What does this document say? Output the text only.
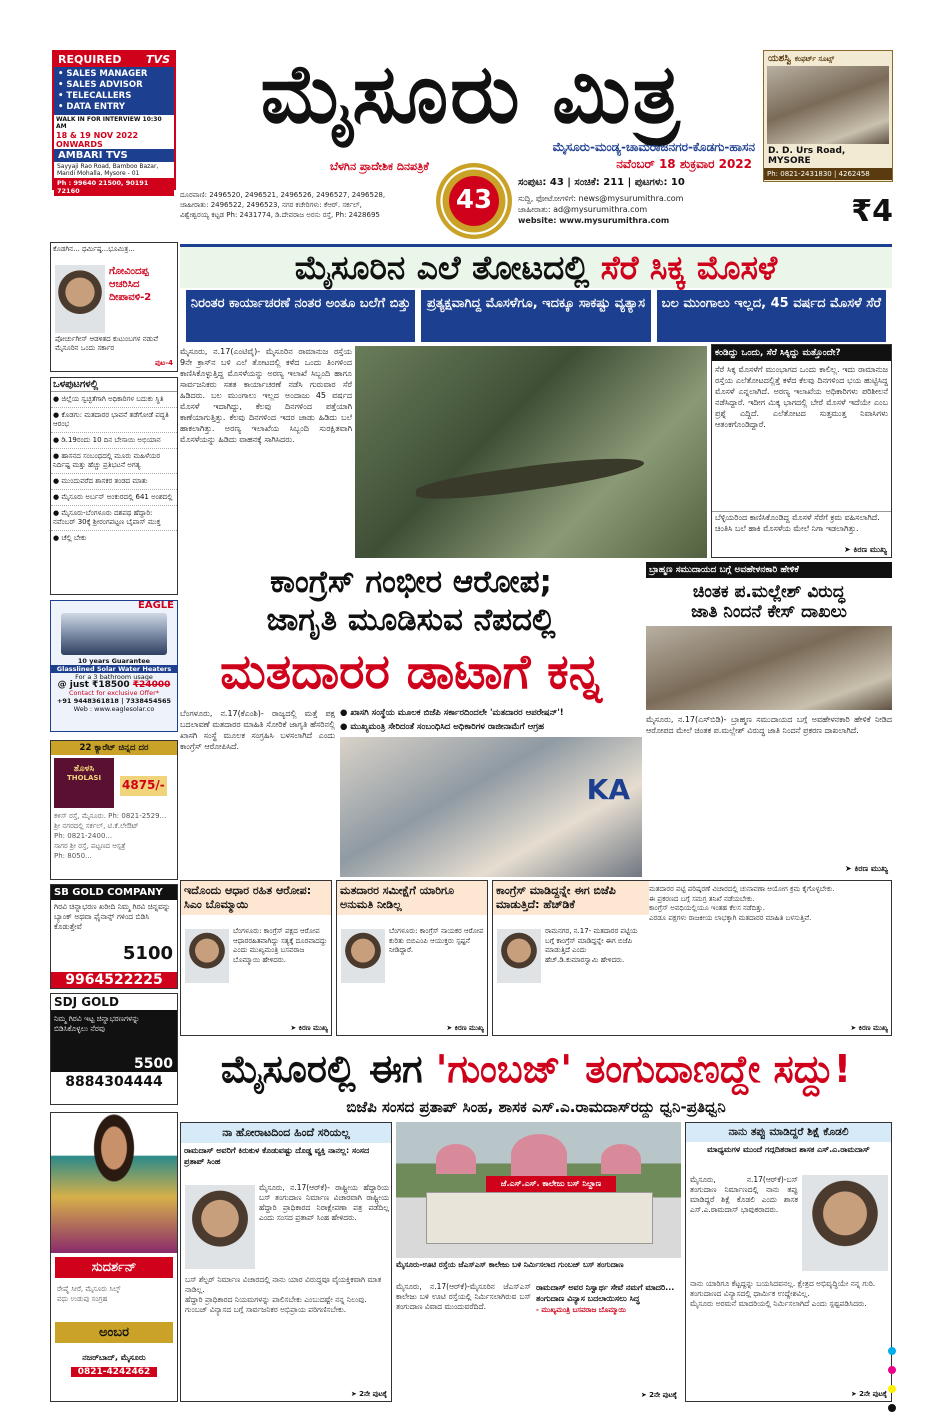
REQUIRED TVS
• SALES MANAGER
• SALES ADVISOR
• TELECALLERS
• DATA ENTRY
WALK IN FOR INTERVIEW 10:30 AM
18 & 19 NOV 2022 ONWARDS
AMBARI TVS
Sayyaji Rao Road, Bamboo Bazar, Mandi Mohalla, Mysore - 01
Ph : 99640 21500, 90191 72160
ಮೈಸೂರು ಮಿತ್ರ
ಮೈಸೂರು-ಮಂಡ್ಯ-ಚಾಮರಾಜನಗರ-ಕೊಡಗು-ಹಾಸನ
ಬೆಳಗಿನ ಪ್ರಾದೇಶಿಕ ದಿನಪತ್ರಿಕೆ	ನವೆಂಬರ್ 18 ಶುಕ್ರವಾರ 2022
43
ದೂರವಾಣಿ: 2496520, 2496521, 2496526, 2496527, 2496528,
ಜಾಹೀರಾತು: 2496522, 2496523, ನಗರ ಕಚೇರಿಗಳು: ಕೆಆರ್. ಸರ್ಕಲ್,
ವಿಶ್ವೇಶ್ವರಯ್ಯ ಕಟ್ಟಡ Ph: 2431774, ಡಿ.ದೇವರಾಜ ಅರಸು ರಸ್ತೆ, Ph: 2428695
ಸಂಪುಟ: 43 | ಸಂಚಿಕೆ: 211 | ಪುಟಗಳು: 10
ಸುದ್ದಿ, ಫೋಟೋಗಳಿಗೆ: news@mysurumithra.com
ಜಾಹೀರಾತು: ad@mysurumithra.com
website: www.mysurumithra.com	₹4
ಯಶಸ್ವಿ ಕಂಫರ್ಟ್ ಸೂಟ್ಸ್
D. D. Urs Road, MYSORE
Ph: 0821-2431830 | 4262458
ಕೊಡಗಿನ... ಧರ್ಮಿಷ್ಠ...ಭೂಮಿತ್ರ...
ಗೋವಿಂದಪ್ಪ ಆಚರಿಸಿದ ದೀಪಾವಳಿ-2
ಪೋರ್ಚುಗೀಸ್ ಆಡಳಿತದ ಕುಟುಂಬಗಳ ನಡುವೆ ಮೈಸೂರಿನ ಒಂದು ಸರ್ಕಾರ
ಪುಟ-4
ಒಳಪುಟಗಳಲ್ಲಿ
● ಜಿಲ್ಲೆಯ ಸ್ವಚ್ಛತೆಗಾಗಿ ಅಧಿಕಾರಿಗಳ ಬದುಕು ಸ್ಥಿತಿ
● ಕೊಡಗು: ಮತದಾರರ ಭಾವನೆ ತಡೆಗೋಡೆ ಪದ್ಧತಿ ಆರಂಭ
● ಡಿ.19ರಂದು 10 ದಿನ ಬೇಸಾಯಿ ಅಭಿಯಾನ
● ಹಾಸನದ ಸಂಬಂಧದಲ್ಲಿ ಮೂರು ಮಹಿಳೆಯರ ನಿರ್ದಿಷ್ಟ ಮತ್ತು ಹೆಚ್ಚು ಪ್ರತಿಭಟನೆ ಅಗತ್ಯ
● ಮುಂದುವರೆದ ಶಾಸಕರ ತಂಡದ ಮಾತು
● ಮೈಸೂರು ಅರ್ಬನ್ ಅಂಕುರದಲ್ಲಿ 641 ಅಂಶದಲ್ಲಿ
● ಮೈಸೂರು-ಬೆಂಗಳೂರು ದಶಪಥ ಹೆದ್ದಾರಿ: ನವೆಂಬರ್ 30ಕ್ಕೆ ಶ್ರೀರಂಗಪಟ್ಟಣ ಬೈಪಾಸ್ ಮುಕ್ತ
● ಚೆಲ್ಲಿ ಬೇಕು
EAGLE
10 years Guarantee
Glasslined Solar Water Heaters
For a 3 bathroom usage
@ just ₹18500 ₹24000
Contact for exclusive Offer*
+91 9448361818 | 7338454565
Web : www.eaglesolar.co
22 ಕ್ಯಾರೆಟ್ ಚಿನ್ನದ ದರ
ತೊಳಸಿ
THOLASI	4875/-
ಕಳಿಸ್ ರಸ್ತೆ, ಮೈಸೂರು. Ph: 0821-2529...
ಶ್ರೀ ನಗರದಲ್ಲಿ ಸರ್ಕಲ್, ಟಿ.ಕೆ.ಲೇಔಟ್
Ph: 0821-2400...
ಸಾಗರ ಶ್ರೀ ರಸ್ತೆ, ಪಟ್ಟಣದ ಆಸ್ಪತ್ರೆ
Ph: 8050...
SB GOLD COMPANY
ಗಿರವಿ ಚಿನ್ನಾಭರಣ ಖರೀದಿ ನಿಮ್ಮ ಗಿರವಿ ಚಿನ್ನವನ್ನು ಬ್ಯಾಂಕ್ ಅಥವಾ ಫೈನಾನ್ಸ್ ಗಳಿಂದ ಬಿಡಿಸಿ ಕೊಡುತ್ತೇವೆ
5100
9964522225
SDJ GOLD
ನಿಮ್ಮ ಗಿರವಿ ಇಟ್ಟ ಚಿನ್ನಾಭರಣಗಳನ್ನು ಬಿಡಿಸಿಕೊಳ್ಳಲು ನೆರವು
5500
8884304444
ಸುದರ್ಶನ್
ರೇಷ್ಮೆ ಸೀರೆ, ಮೈಸೂರು ಸಿಲ್ಕ್
ವಧು ಉಡುಪು ಸಂಗ್ರಹ
ಅಂಬರ
ನಜರ್‌ಬಾದ್, ಮೈಸೂರು
0821-4242462
ಮೈಸೂರಿನ ಎಲೆ ತೋಟದಲ್ಲಿ ಸೆರೆ ಸಿಕ್ಕ ಮೊಸಳೆ
ನಿರಂತರ ಕಾರ್ಯಾಚರಣೆ ನಂತರ ಅಂತೂ ಬಲೆಗೆ ಬಿತ್ತು	ಪ್ರತ್ಯಕ್ಷವಾಗಿದ್ದ ಮೊಸಳೆಗೂ, ಇದಕ್ಕೂ ಸಾಕಷ್ಟು ವ್ಯತ್ಯಾಸ	ಬಲ ಮುಂಗಾಲು ಇಲ್ಲದ, 45 ವರ್ಷದ ಮೊಸಳೆ ಸೆರೆ
ಮೈಸೂರು, ನ.17(ಎಂಟಿವೈ)- ಮೈಸೂರಿನ ರಾಮಾನುಜ ರಸ್ತೆಯ 9ನೇ ಕ್ರಾಸ್‌ನ ಬಳಿ ಎಲೆ ತೋಟದಲ್ಲಿ ಕಳೆದ ಒಂದು ತಿಂಗಳಿಂದ ಕಾಣಿಸಿಕೊಳ್ಳುತ್ತಿದ್ದ ಮೊಸಳೆಯನ್ನು ಅರಣ್ಯ ಇಲಾಖೆ ಸಿಬ್ಬಂದಿ ಹಾಗೂ ಸಾರ್ವಜನಿಕರು ಸತತ ಕಾರ್ಯಾಚರಣೆ ನಡೆಸಿ ಗುರುವಾರ ಸೆರೆ ಹಿಡಿದರು. ಬಲ ಮುಂಗಾಲು ಇಲ್ಲದ ಅಂದಾಜು 45 ವರ್ಷದ ಮೊಸಳೆ ಇದಾಗಿದ್ದು, ಕೆಲವು ದಿನಗಳಿಂದ ಪತ್ತೆಯಾಗಿ ಕಾಣೆಯಾಗುತ್ತಿತ್ತು. ಕೆಲವು ದಿನಗಳಿಂದ ಇದರ ಜಾಡು ಹಿಡಿದು ಬಲೆ ಹಾಕಲಾಗಿತ್ತು. ಅರಣ್ಯ ಇಲಾಖೆಯ ಸಿಬ್ಬಂದಿ ಸುರಕ್ಷಿತವಾಗಿ ಮೊಸಳೆಯನ್ನು ಹಿಡಿದು ವಾಹನಕ್ಕೆ ಸಾಗಿಸಿದರು.
ಕಂಡಿದ್ದು ಒಂದು, ಸೆರೆ ಸಿಕ್ಕಿದ್ದು ಮತ್ತೊಂದೇ?
ಸೆರೆ ಸಿಕ್ಕ ಮೊಸಳೆಗೆ ಮುಂಭಾಗದ ಒಂದು ಕಾಲಿಲ್ಲ. ಇದು ರಾಮಾನುಜ ರಸ್ತೆಯ ಎಲೆತೋಟದಲ್ಲಿತ್ತೆ ಕಳೆದ ಕೆಲವು ದಿನಗಳಿಂದ ಭಯ ಹುಟ್ಟಿಸಿದ್ದ ಮೊಸಳೆ ಎನ್ನಲಾಗಿದೆ. ಅರಣ್ಯ ಇಲಾಖೆಯ ಅಧಿಕಾರಿಗಳು ಪರಿಶೀಲನೆ ನಡೆಸಿದ್ದಾರೆ. ಇದೀಗ ಮಿಕ್ಕ ಭಾಗದಲ್ಲಿ ಬೇರೆ ಮೊಸಳೆ ಇದೆಯೇ ಎಂಬ ಪ್ರಶ್ನೆ ಎದ್ದಿದೆ. ಎಲೆತೋಟದ ಸುತ್ತಮುತ್ತ ನಿವಾಸಿಗಳು ಆತಂಕಗೊಂಡಿದ್ದಾರೆ.
ಬೆಳ್ಳಿಯರಿಂದ ಕಾಣಿಸಿಕೊಂಡಿದ್ದ ಮೊಸಳೆ ಸೆರೆಗೆ ಕ್ರಮ ವಹಿಸಲಾಗಿದೆ. ಚಿಂತಿಸಿ ಬಲೆ ಹಾಕಿ ಮೊಸಳೆಯ ಮೇಲೆ ನಿಗಾ ಇಡಲಾಗಿತ್ತು.
➤ ಕಿರಣ ಮುಖ್ಯ
ಕಾಂಗ್ರೆಸ್ ಗಂಭೀರ ಆರೋಪ;
ಜಾಗೃತಿ ಮೂಡಿಸುವ ನೆಪದಲ್ಲಿ
ಮತದಾರರ ಡಾಟಾಗೆ ಕನ್ನ
ಬೆಂಗಳೂರು, ನ.17(ಕೆಎಂಶಿ)- ರಾಜ್ಯದಲ್ಲಿ ಮತ್ತೆ ಪಕ್ಷ ಬದಲಾವಣೆ ಮತದಾರರ ಮಾಹಿತಿ ಸೋರಿಕೆ ಜಾಗೃತಿ ಹೆಸರಿನಲ್ಲಿ ಖಾಸಗಿ ಸಂಸ್ಥೆ ಮೂಲಕ ಸಂಗ್ರಹಿಸಿ ಬಳಸಲಾಗಿದೆ ಎಂದು ಕಾಂಗ್ರೆಸ್ ಆರೋಪಿಸಿದೆ.
● ಖಾಸಗಿ ಸಂಸ್ಥೆಯ ಮೂಲಕ ಬಿಜೆಪಿ ಸರ್ಕಾರದಿಂದಲೇ 'ಮತದಾರರ ಆಪರೇಷನ್'!
● ಮುಖ್ಯಮಂತ್ರಿ ಸೇರಿದಂತೆ ಸಂಬಂಧಿಸಿದ ಅಧಿಕಾರಿಗಳ ರಾಜೀನಾಮೆಗೆ ಆಗ್ರಹ
KA
ಬ್ರಾಹ್ಮಣ ಸಮುದಾಯದ ಬಗ್ಗೆ ಅವಹೇಳನಕಾರಿ ಹೇಳಿಕೆ
ಚಿಂತಕ ಪ.ಮಲ್ಲೇಶ್ ವಿರುದ್ಧ
ಜಾತಿ ನಿಂದನೆ ಕೇಸ್ ದಾಖಲು
ಮೈಸೂರು, ನ.17(ಎಸ್‌ಬಿಡಿ)- ಬ್ರಾಹ್ಮಣ ಸಮುದಾಯದ ಬಗ್ಗೆ ಅವಹೇಳನಕಾರಿ ಹೇಳಿಕೆ ನೀಡಿದ ಆರೋಪದ ಮೇಲೆ ಚಿಂತಕ ಪ.ಮಲ್ಲೇಶ್ ವಿರುದ್ಧ ಜಾತಿ ನಿಂದನೆ ಪ್ರಕರಣ ದಾಖಲಾಗಿದೆ.
➤ ಕಿರಣ ಮುಖ್ಯ
ಇದೊಂದು ಆಧಾರ ರಹಿತ ಆರೋಪ: ಸಿಎಂ ಬೊಮ್ಮಾಯಿ
ಬೆಂಗಳೂರು: ಕಾಂಗ್ರೆಸ್ ಪಕ್ಷದ ಆರೋಪ ಆಧಾರರಹಿತವಾಗಿದ್ದು ಸತ್ಯಕ್ಕೆ ದೂರವಾದದ್ದು ಎಂದು ಮುಖ್ಯಮಂತ್ರಿ ಬಸವರಾಜ ಬೊಮ್ಮಾಯಿ ಹೇಳಿದರು.
➤ ಕಿರಣ ಮುಖ್ಯ
ಮತದಾರರ ಸಮೀಕ್ಷೆಗೆ ಯಾರಿಗೂ ಅನುಮತಿ ನೀಡಿಲ್ಲ
ಬೆಂಗಳೂರು: ಕಾಂಗ್ರೆಸ್ ನಾಯಕರ ಆರೋಪ ಕುರಿತು ಬಿಬಿಎಂಪಿ ಆಯುಕ್ತರು ಸ್ಪಷ್ಟನೆ ನೀಡಿದ್ದಾರೆ.
➤ ಕಿರಣ ಮುಖ್ಯ
ಕಾಂಗ್ರೆಸ್ ಮಾಡಿದ್ದನ್ನೇ ಈಗ ಬಿಜೆಪಿ ಮಾಡುತ್ತಿದೆ: ಹೆಚ್‌ಡಿಕೆ
ರಾಮನಗರ, ನ.17- ಮತದಾರರ ಪಟ್ಟಿಯ ಬಗ್ಗೆ ಕಾಂಗ್ರೆಸ್ ಮಾಡಿದ್ದನ್ನೇ ಈಗ ಬಿಜೆಪಿ ಮಾಡುತ್ತಿದೆ ಎಂದು ಹೆಚ್.ಡಿ.ಕುಮಾರಸ್ವಾಮಿ ಹೇಳಿದರು.
ಮತದಾರರ ಪಟ್ಟಿ ಪರಿಷ್ಕರಣೆ ವಿಚಾರದಲ್ಲಿ ಚುನಾವಣಾ ಆಯೋಗ ಕ್ರಮ ಕೈಗೊಳ್ಳಬೇಕು.
ಈ ಪ್ರಕರಣದ ಬಗ್ಗೆ ಸಮಗ್ರ ತನಿಖೆ ನಡೆಯಬೇಕು.
ಕಾಂಗ್ರೆಸ್ ಅವಧಿಯಲ್ಲಿಯೂ ಇಂತಹ ಕೆಲಸ ನಡೆದಿತ್ತು.
ಎರಡೂ ಪಕ್ಷಗಳು ರಾಜಕೀಯ ಲಾಭಕ್ಕಾಗಿ ಮತದಾರರ ಮಾಹಿತಿ ಬಳಸುತ್ತಿವೆ.
➤ ಕಿರಣ ಮುಖ್ಯ
ಮೈಸೂರಲ್ಲಿ ಈಗ 'ಗುಂಬಜ್' ತಂಗುದಾಣದ್ದೇ ಸದ್ದು!
ಬಿಜೆಪಿ ಸಂಸದ ಪ್ರತಾಪ್ ಸಿಂಹ, ಶಾಸಕ ಎಸ್.ಎ.ರಾಮದಾಸ್‌ರದ್ದು ಧ್ವನಿ-ಪ್ರತಿಧ್ವನಿ
ನಾ ಹೋರಾಟದಿಂದ ಹಿಂದೆ ಸರಿಯಲ್ಲ
ರಾಮದಾಸ್ ಅವರಿಗೆ ಕಿರುಕುಳ ಕೊಡುವಷ್ಟು ದೊಡ್ಡ ವ್ಯಕ್ತಿ ನಾನಲ್ಲ: ಸಂಸದ ಪ್ರತಾಪ್ ಸಿಂಹ
ಮೈಸೂರು, ನ.17(ಆರ್‌ಕೆ)- ರಾಷ್ಟ್ರೀಯ ಹೆದ್ದಾರಿಯ ಬಸ್ ತಂಗುದಾಣ ನಿರ್ಮಾಣ ವಿಚಾರವಾಗಿ ರಾಷ್ಟ್ರೀಯ ಹೆದ್ದಾರಿ ಪ್ರಾಧಿಕಾರದ ನಿರಾಕ್ಷೇಪಣಾ ಪತ್ರ ಪಡೆದಿಲ್ಲ ಎಂದು ಸಂಸದ ಪ್ರತಾಪ್ ಸಿಂಹ ಹೇಳಿದರು.
ಬಸ್ ಶೆಲ್ಟರ್ ನಿರ್ಮಾಣ ವಿಚಾರದಲ್ಲಿ ನಾನು ಯಾರ ವಿರುದ್ಧವೂ ವೈಯಕ್ತಿಕವಾಗಿ ಮಾತನಾಡಿಲ್ಲ.
ಹೆದ್ದಾರಿ ಪ್ರಾಧಿಕಾರದ ನಿಯಮಗಳನ್ನು ಪಾಲಿಸಬೇಕು ಎಂಬುದಷ್ಟೇ ನನ್ನ ನಿಲುವು.
ಗುಂಬಜ್ ವಿನ್ಯಾಸದ ಬಗ್ಗೆ ಸಾರ್ವಜನಿಕರ ಅಭಿಪ್ರಾಯ ಪರಿಗಣಿಸಬೇಕು.
➤ 2ನೇ ಪುಟಕ್ಕೆ
ಜೆ.ಎಸ್.ಎಸ್. ಕಾಲೇಜು ಬಸ್ ನಿಲ್ದಾಣ
ಮೈಸೂರು-ಊಟಿ ರಸ್ತೆಯ ಜೆಎಸ್‌ಎಸ್ ಕಾಲೇಜು ಬಳಿ ನಿರ್ಮಿಸಲಾದ ಗುಂಬಜ್ ಬಸ್ ತಂಗುದಾಣ
ಮೈಸೂರು, ನ.17(ಆರ್‌ಕೆ)-ಮೈಸೂರಿನ ಜೆಎಸ್‌ಎಸ್ ಕಾಲೇಜು ಬಳಿ ಊಟಿ ರಸ್ತೆಯಲ್ಲಿ ನಿರ್ಮಿಸಲಾಗಿರುವ ಬಸ್ ತಂಗುದಾಣ ವಿವಾದ ಮುಂದುವರೆದಿದೆ.
ರಾಮದಾಸ್ ಅವರ ನಿಸ್ವಾರ್ಥ ಸೇವೆ ನಮಗೆ ಮಾದರಿ... ತಂಗುದಾಣ ವಿನ್ಯಾಸ ಬದಲಾಯಿಸಲು ಸಿದ್ಧ
- ಮುಖ್ಯಮಂತ್ರಿ ಬಸವರಾಜ ಬೊಮ್ಮಾಯಿ
➤ 2ನೇ ಪುಟಕ್ಕೆ
ನಾನು ತಪ್ಪು ಮಾಡಿದ್ದರೆ ಶಿಕ್ಷೆ ಕೊಡಲಿ
ಮಾಧ್ಯಮಗಳ ಮುಂದೆ ಗದ್ಗದಿತರಾದ ಶಾಸಕ ಎಸ್.ಎ.ರಾಮದಾಸ್
ಮೈಸೂರು, ನ.17(ಆರ್‌ಕೆ)-ಬಸ್ ತಂಗುದಾಣ ನಿರ್ಮಾಣದಲ್ಲಿ ನಾನು ತಪ್ಪು ಮಾಡಿದ್ದರೆ ಶಿಕ್ಷೆ ಕೊಡಲಿ ಎಂದು ಶಾಸಕ ಎಸ್.ಎ.ರಾಮದಾಸ್ ಭಾವುಕರಾದರು.
ನಾನು ಯಾರಿಗೂ ಕೆಟ್ಟದ್ದನ್ನು ಬಯಸಿದವನಲ್ಲ. ಕ್ಷೇತ್ರದ ಅಭಿವೃದ್ಧಿಯೇ ನನ್ನ ಗುರಿ.
ತಂಗುದಾಣದ ವಿನ್ಯಾಸದಲ್ಲಿ ಧಾರ್ಮಿಕ ಉದ್ದೇಶವಿಲ್ಲ.
ಮೈಸೂರು ಅರಮನೆ ಮಾದರಿಯಲ್ಲಿ ನಿರ್ಮಿಸಲಾಗಿದೆ ಎಂದು ಸ್ಪಷ್ಟಪಡಿಸಿದರು.
➤ 2ನೇ ಪುಟಕ್ಕೆ
